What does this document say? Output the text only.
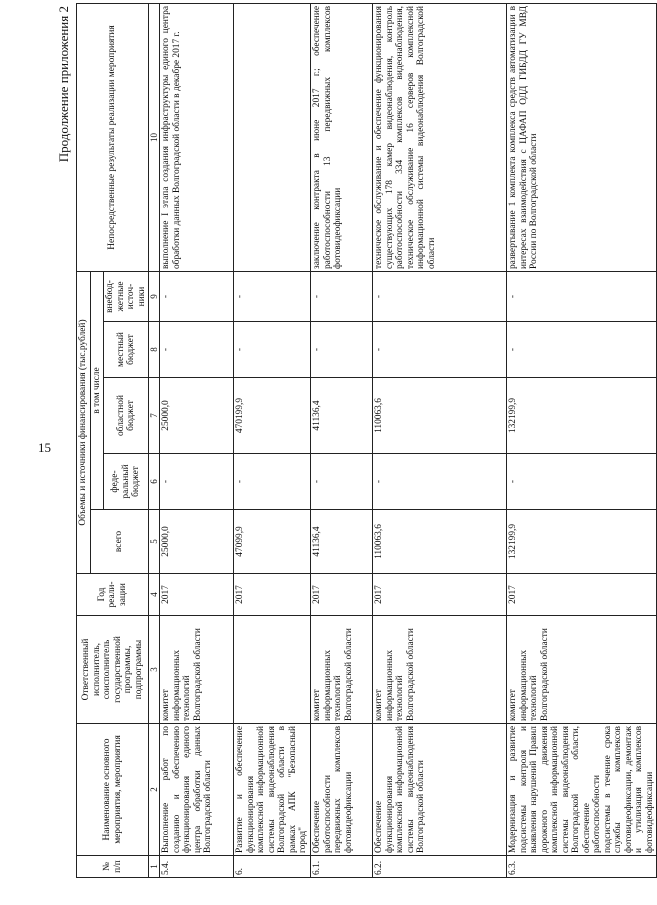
15
Продолжение приложения 2
№ п/п	Наименование основного мероприятия, мероприятия	Ответственный исполнитель, соисполнитель государственной программы, подпрограммы	Год реали-зации	Объемы и источники финансирования (тыс.рублей)					Непосредственные результаты реализации мероприятия
				всего	в том числе				
					феде-ральный бюджет	областной бюджет	местный бюджет	внебюд-жетные источ-ники	
1	2	3	4	5	6	7	8	9	10
5.4.	Выполнение работ по созданию и обеспечению функционирования единого центра обработки данных Волгоградской области	комитет информационных технологий Волгоградской области	2017	25000,0	-	25000,0	-	-	выполнение I этапа создания инфраструктуры единого центра обработки данных Волгоградской области в декабре 2017 г.
6.	Развитие и обеспечение функционирования комплексной информационной системы видеонаблюдения Волгоградской области в рамках АПК "Безопасный город"		2017	47099,9	-	470199,9	-	-	
6.1.	Обеспечение работоспособности передвижных комплексов фотовидеофиксации	комитет информационных технологий Волгоградской области	2017	41136,4	-	41136,4	-	-	заключение контракта в июне 2017 г.; обеспечение работоспособности 13 передвижных комплексов фотовидеофиксации
6.2.	Обеспечение функционирования комплексной информационной системы видеонаблюдения Волгоградской области	комитет информационных технологий Волгоградской области	2017	110063,6	-	110063,6	-	-	техническое обслуживание и обеспечение функционирования существующих 178 камер видеонаблюдения, контроль работоспособности 334 комплексов видеонаблюдения, техническое обслуживание 16 серверов комплексной информационной системы видеонаблюдения Волгоградской области
6.3.	Модернизация и развитие подсистемы контроля и выявления нарушений Правил дорожного движения комплексной информационной системы видеонаблюдения Волгоградской области, обеспечение работоспособности подсистемы в течение срока службы комплексов фотовидеофиксации, демонтаж и утилизация комплексов фотовидеофиксации	комитет информационных технологий Волгоградской области	2017	132199,9	-	132199,9	-	-	развертывание 1 комплекта комплекса средств автоматизации в интересах взаимодействия с ЦАФАП ОДД ГИБДД ГУ МВД России по Волгоградской области
